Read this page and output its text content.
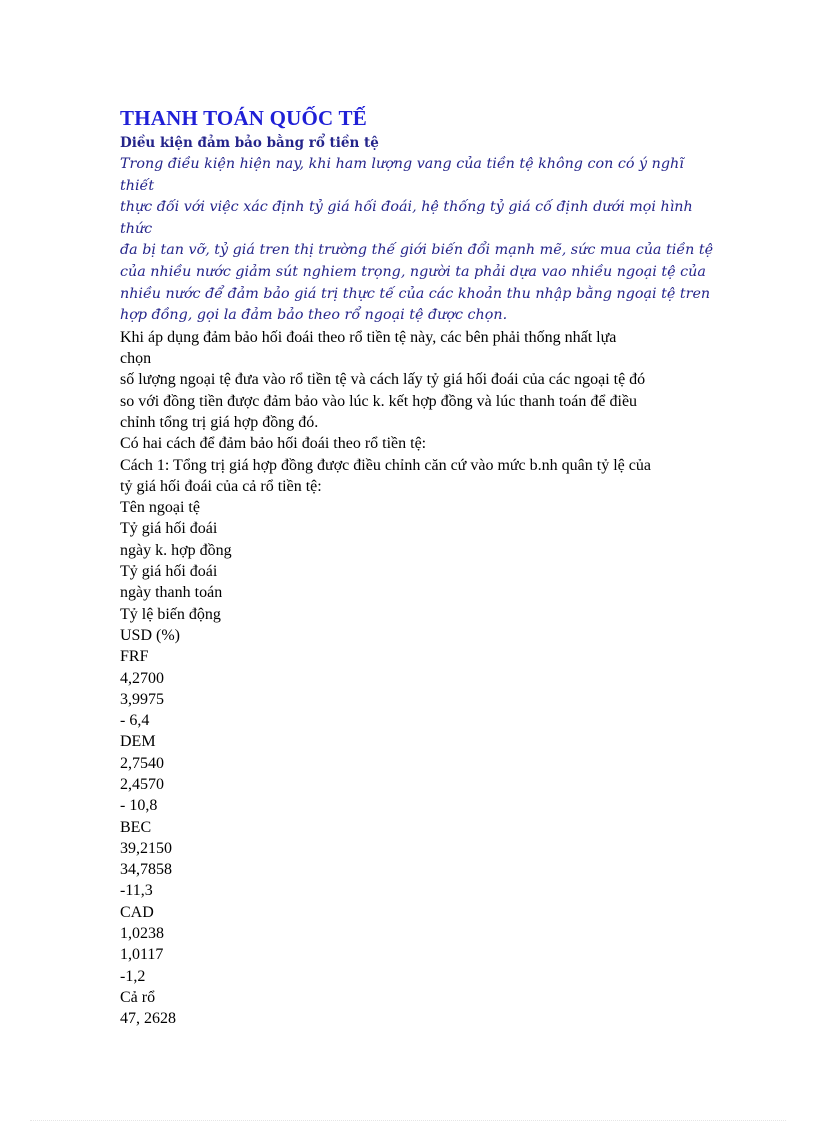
THANH TOÁN QUỐC TẾ
Diều kiện đảm bảo bằng rổ tiền tệ
Trong điều kiện hiện nay, khi ham lượng vang của tiền tệ không con có ý nghĩ
thiết
thực đối với việc xác định tỷ giá hối đoái, hệ thống tỷ giá cố định dưới mọi hình
thức
đa bị tan vỡ, tỷ giá tren thị trường thế giới biến đổi mạnh mẽ, sức mua của tiền tệ
của nhiều nước giảm sút nghiem trọng, người ta phải dựa vao nhiều ngoại tệ của
nhiều nước để đảm bảo giá trị thực tế của các khoản thu nhập bằng ngoại tệ tren
hợp đồng, gọi la đảm bảo theo rổ ngoại tệ được chọn.
Khi áp dụng đảm bảo hối đoái theo rổ tiền tệ này, các bên phải thống nhất lựa
chọn
số lượng ngoại tệ đưa vào rổ tiền tệ và cách lấy tỷ giá hối đoái của các ngoại tệ đó
so với đồng tiền được đảm bảo vào lúc k. kết hợp đồng và lúc thanh toán để điều
chỉnh tổng trị giá hợp đồng đó.
Có hai cách để đảm bảo hối đoái theo rổ tiền tệ:
Cách 1: Tổng trị giá hợp đồng được điều chỉnh căn cứ vào mức b.nh quân tỷ lệ của
tỷ giá hối đoái của cả rổ tiền tệ:
Tên ngoại tệ
Tỷ giá hối đoái
ngày k. hợp đồng
Tỷ giá hối đoái
ngày thanh toán
Tỷ lệ biến động
USD (%)
FRF
4,2700
3,9975
- 6,4
DEM
2,7540
2,4570
- 10,8
BEC
39,2150
34,7858
-11,3
CAD
1,0238
1,0117
-1,2
Cả rổ
47, 2628
